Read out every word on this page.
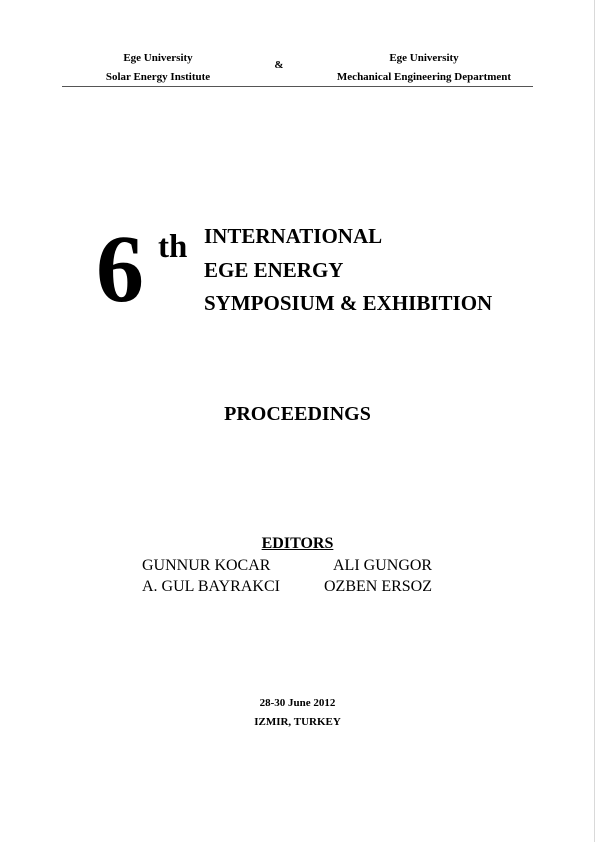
Ege University
Solar Energy Institute
&
Ege University
Mechanical Engineering Department
6 th INTERNATIONAL
EGE ENERGY
SYMPOSIUM & EXHIBITION
PROCEEDINGS
EDITORS
GUNNUR KOCAR	ALI GUNGOR
A. GUL BAYRAKCI	OZBEN ERSOZ
28-30 June 2012
IZMIR, TURKEY
